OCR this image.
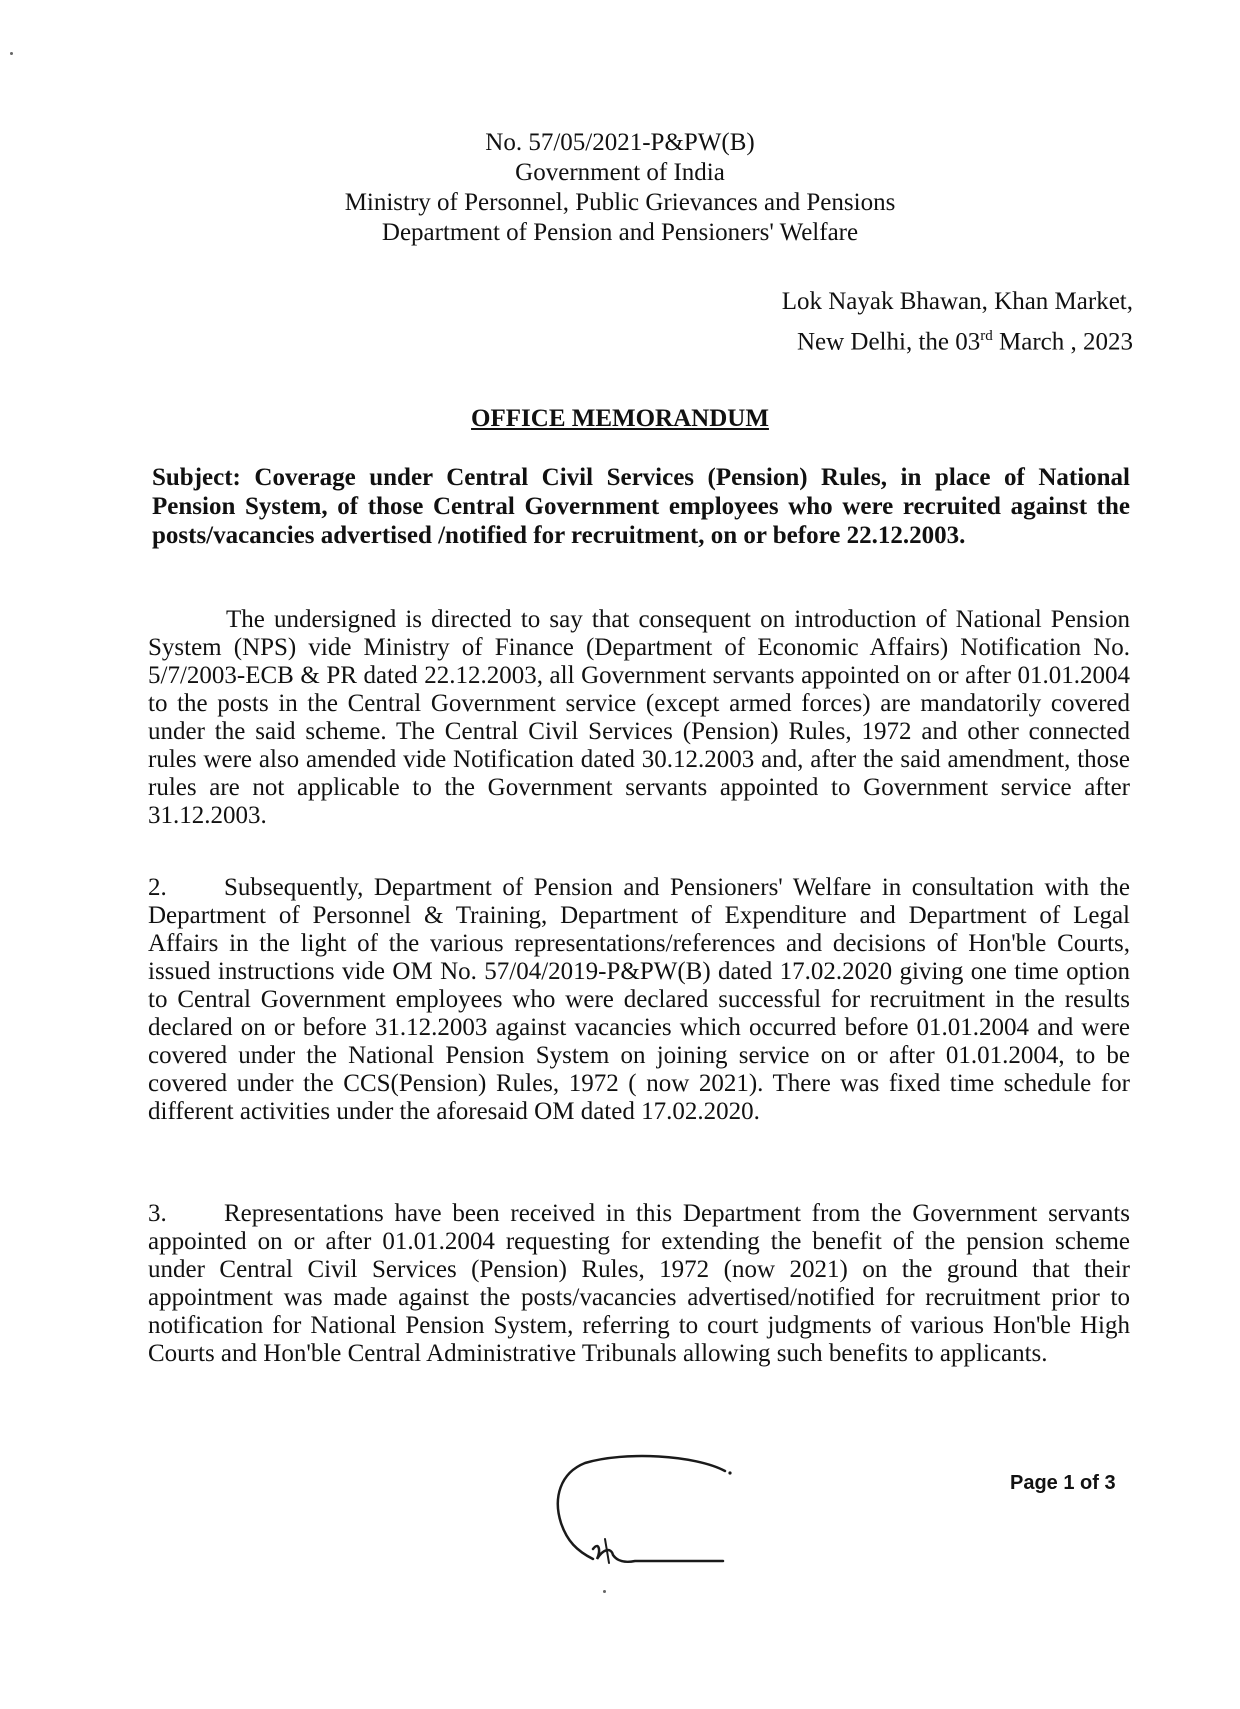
No. 57/05/2021-P&PW(B)
Government of India
Ministry of Personnel, Public Grievances and Pensions
Department of Pension and Pensioners' Welfare
Lok Nayak Bhawan, Khan Market,
New Delhi, the 03rd March , 2023
OFFICE MEMORANDUM
Subject: Coverage under Central Civil Services (Pension) Rules, in place of National Pension System, of those Central Government employees who were recruited against the posts/vacancies advertised /notified for recruitment, on or before 22.12.2003.
The undersigned is directed to say that consequent on introduction of National Pension System (NPS) vide Ministry of Finance (Department of Economic Affairs) Notification No. 5/7/2003-ECB & PR dated 22.12.2003, all Government servants appointed on or after 01.01.2004 to the posts in the Central Government service (except armed forces) are mandatorily covered under the said scheme. The Central Civil Services (Pension) Rules, 1972 and other connected rules were also amended vide Notification dated 30.12.2003 and, after the said amendment, those rules are not applicable to the Government servants appointed to Government service after 31.12.2003.
2. Subsequently, Department of Pension and Pensioners' Welfare in consultation with the Department of Personnel & Training, Department of Expenditure and Department of Legal Affairs in the light of the various representations/references and decisions of Hon'ble Courts, issued instructions vide OM No. 57/04/2019-P&PW(B) dated 17.02.2020 giving one time option to Central Government employees who were declared successful for recruitment in the results declared on or before 31.12.2003 against vacancies which occurred before 01.01.2004 and were covered under the National Pension System on joining service on or after 01.01.2004, to be covered under the CCS(Pension) Rules, 1972 ( now 2021). There was fixed time schedule for different activities under the aforesaid OM dated 17.02.2020.
3. Representations have been received in this Department from the Government servants appointed on or after 01.01.2004 requesting for extending the benefit of the pension scheme under Central Civil Services (Pension) Rules, 1972 (now 2021) on the ground that their appointment was made against the posts/vacancies advertised/notified for recruitment prior to notification for National Pension System, referring to court judgments of various Hon'ble High Courts and Hon'ble Central Administrative Tribunals allowing such benefits to applicants.
Page 1 of 3
